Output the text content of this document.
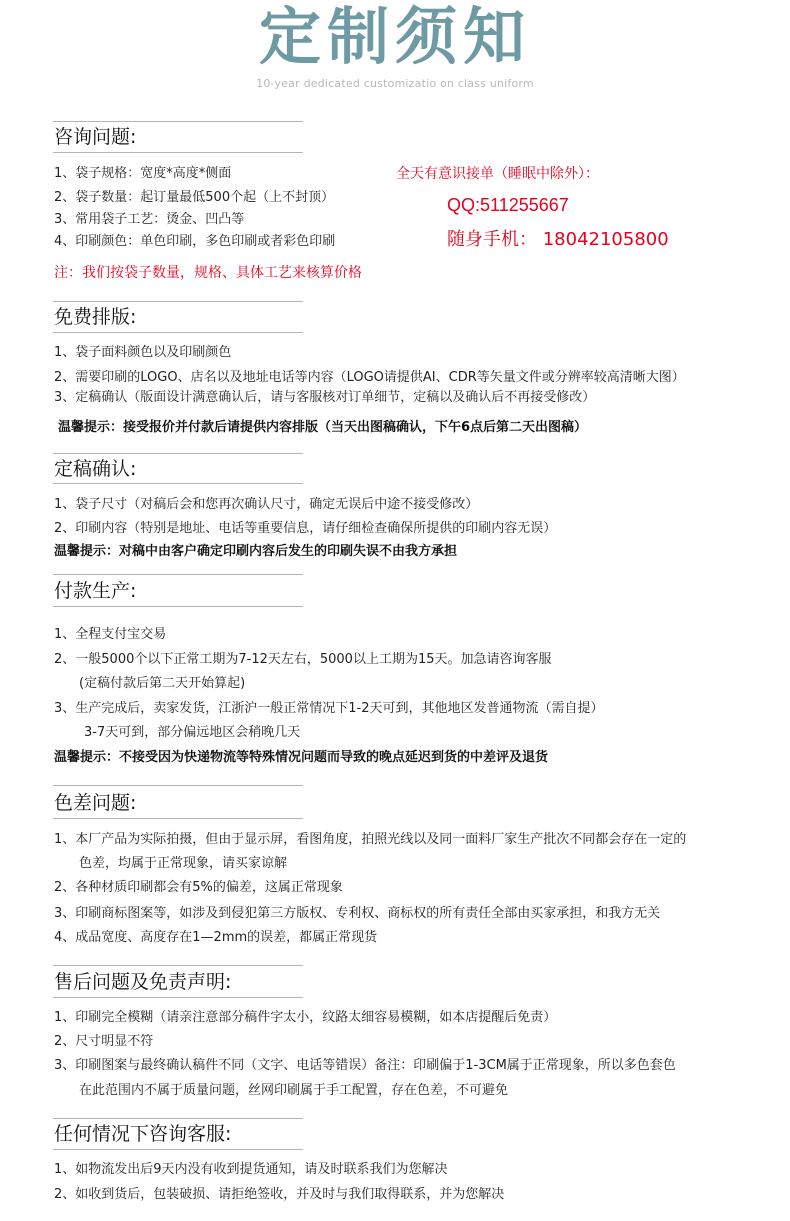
定制须知
10-year dedicated customizatio on class uniform
咨询问题:
1、袋子规格：宽度*高度*侧面
2、袋子数量：起订量最低500个起（上不封顶）
3、常用袋子工艺：烫金、凹凸等
4、印刷颜色：单色印刷，多色印刷或者彩色印刷
注：我们按袋子数量，规格、具体工艺来核算价格
全天有意识接单（睡眠中除外）：
QQ:511255667
随身手机： 18042105800
免费排版:
1、袋子面料颜色以及印刷颜色
2、需要印刷的LOGO、店名以及地址电话等内容（LOGO请提供AI、CDR等矢量文件或分辨率较高清晰大图）
3、定稿确认（版面设计满意确认后，请与客服核对订单细节，定稿以及确认后不再接受修改）
温馨提示：接受报价并付款后请提供内容排版（当天出图稿确认，下午6点后第二天出图稿）
定稿确认:
1、袋子尺寸（对稿后会和您再次确认尺寸，确定无误后中途不接受修改）
2、印刷内容（特别是地址、电话等重要信息，请仔细检查确保所提供的印刷内容无误）
温馨提示：对稿中由客户确定印刷内容后发生的印刷失误不由我方承担
付款生产:
1、全程支付宝交易
2、一般5000个以下正常工期为7-12天左右，5000以上工期为15天。加急请咨询客服
(定稿付款后第二天开始算起)
3、生产完成后，卖家发货，江浙沪一般正常情况下1-2天可到，其他地区发普通物流（需自提）
3-7天可到，部分偏远地区会稍晚几天
温馨提示：不接受因为快递物流等特殊情况问题而导致的晚点延迟到货的中差评及退货
色差问题:
1、本厂产品为实际拍摄，但由于显示屏，看图角度，拍照光线以及同一面料厂家生产批次不同都会存在一定的
色差，均属于正常现象，请买家谅解
2、各种材质印刷都会有5%的偏差，这属正常现象
3、印刷商标图案等，如涉及到侵犯第三方版权、专利权、商标权的所有责任全部由买家承担，和我方无关
4、成品宽度、高度存在1—2mm的误差，都属正常现货
售后问题及免责声明:
1、印刷完全模糊（请亲注意部分稿件字太小，纹路太细容易模糊，如本店提醒后免责）
2、尺寸明显不符
3、印刷图案与最终确认稿件不同（文字、电话等错误）备注：印刷偏于1-3CM属于正常现象，所以多色套色
在此范围内不属于质量问题，丝网印刷属于手工配置，存在色差，不可避免
任何情况下咨询客服:
1、如物流发出后9天内没有收到提货通知，请及时联系我们为您解决
2、如收到货后，包装破损、请拒绝签收，并及时与我们取得联系，并为您解决
